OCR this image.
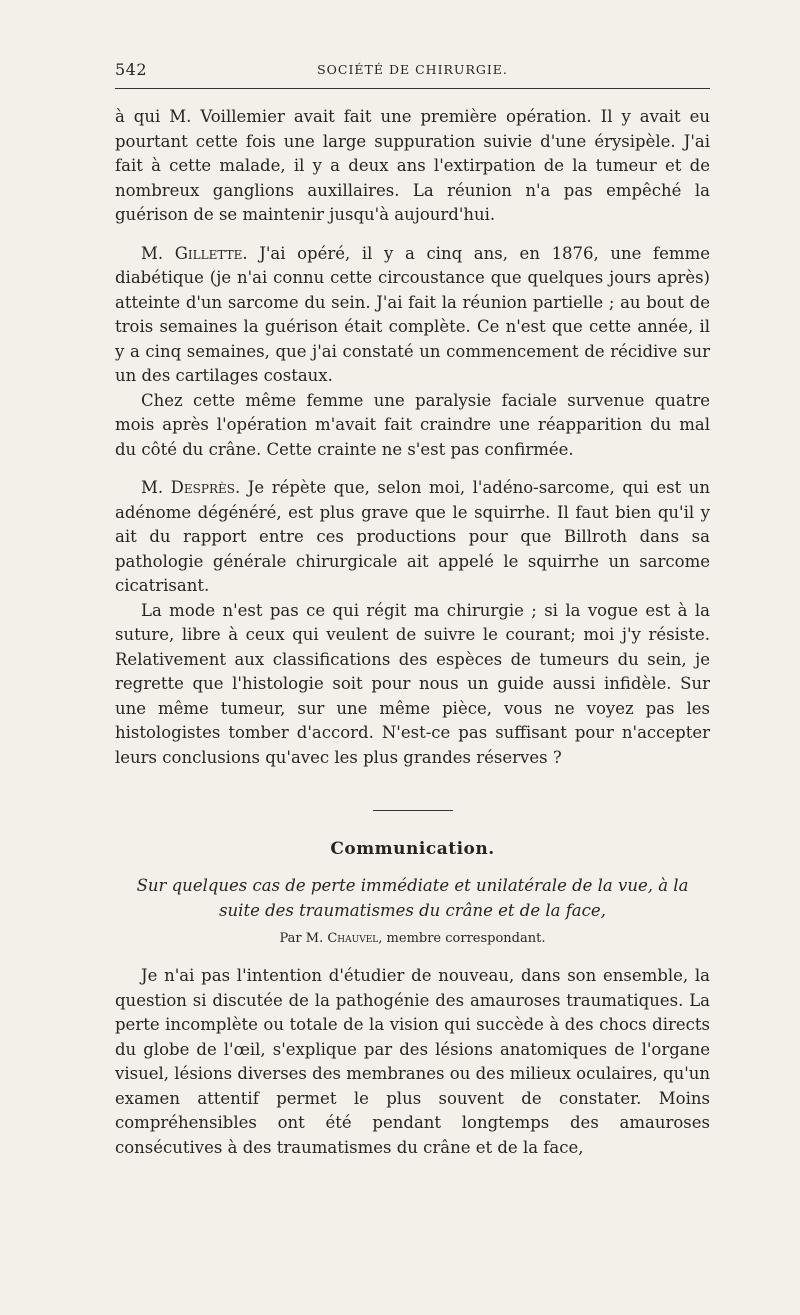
542	SOCIÉTÉ DE CHIRURGIE.

à qui M. Voillemier avait fait une première opération. Il y avait eu pourtant cette fois une large suppuration suivie d'une érysipèle. J'ai fait à cette malade, il y a deux ans l'extirpation de la tumeur et de nombreux ganglions auxillaires. La réunion n'a pas empêché la guérison de se maintenir jusqu'à aujourd'hui.

M. Gillette. J'ai opéré, il y a cinq ans, en 1876, une femme diabétique (je n'ai connu cette circoustance que quelques jours après) atteinte d'un sarcome du sein. J'ai fait la réunion partielle ; au bout de trois semaines la guérison était complète. Ce n'est que cette année, il y a cinq semaines, que j'ai constaté un commencement de récidive sur un des cartilages costaux.

Chez cette même femme une paralysie faciale survenue quatre mois après l'opération m'avait fait craindre une réapparition du mal du côté du crâne. Cette crainte ne s'est pas confirmée.

M. Desprès. Je répète que, selon moi, l'adéno-sarcome, qui est un adénome dégénéré, est plus grave que le squirrhe. Il faut bien qu'il y ait du rapport entre ces productions pour que Billroth dans sa pathologie générale chirurgicale ait appelé le squirrhe un sarcome cicatrisant.

La mode n'est pas ce qui régit ma chirurgie ; si la vogue est à la suture, libre à ceux qui veulent de suivre le courant; moi j'y résiste. Relativement aux classifications des espèces de tumeurs du sein, je regrette que l'histologie soit pour nous un guide aussi infidèle. Sur une même tumeur, sur une même pièce, vous ne voyez pas les histologistes tomber d'accord. N'est-ce pas suffisant pour n'accepter leurs conclusions qu'avec les plus grandes réserves ?

Communication.
Sur quelques cas de perte immédiate et unilatérale de la vue, à la
suite des traumatismes du crâne et de la face,
Par M. Chauvel, membre correspondant.

Je n'ai pas l'intention d'étudier de nouveau, dans son ensemble, la question si discutée de la pathogénie des amauroses traumatiques. La perte incomplète ou totale de la vision qui succède à des chocs directs du globe de l'œil, s'explique par des lésions anatomiques de l'organe visuel, lésions diverses des membranes ou des milieux oculaires, qu'un examen attentif permet le plus souvent de constater. Moins compréhensibles ont été pendant longtemps des amauroses consécutives à des traumatismes du crâne et de la face,
